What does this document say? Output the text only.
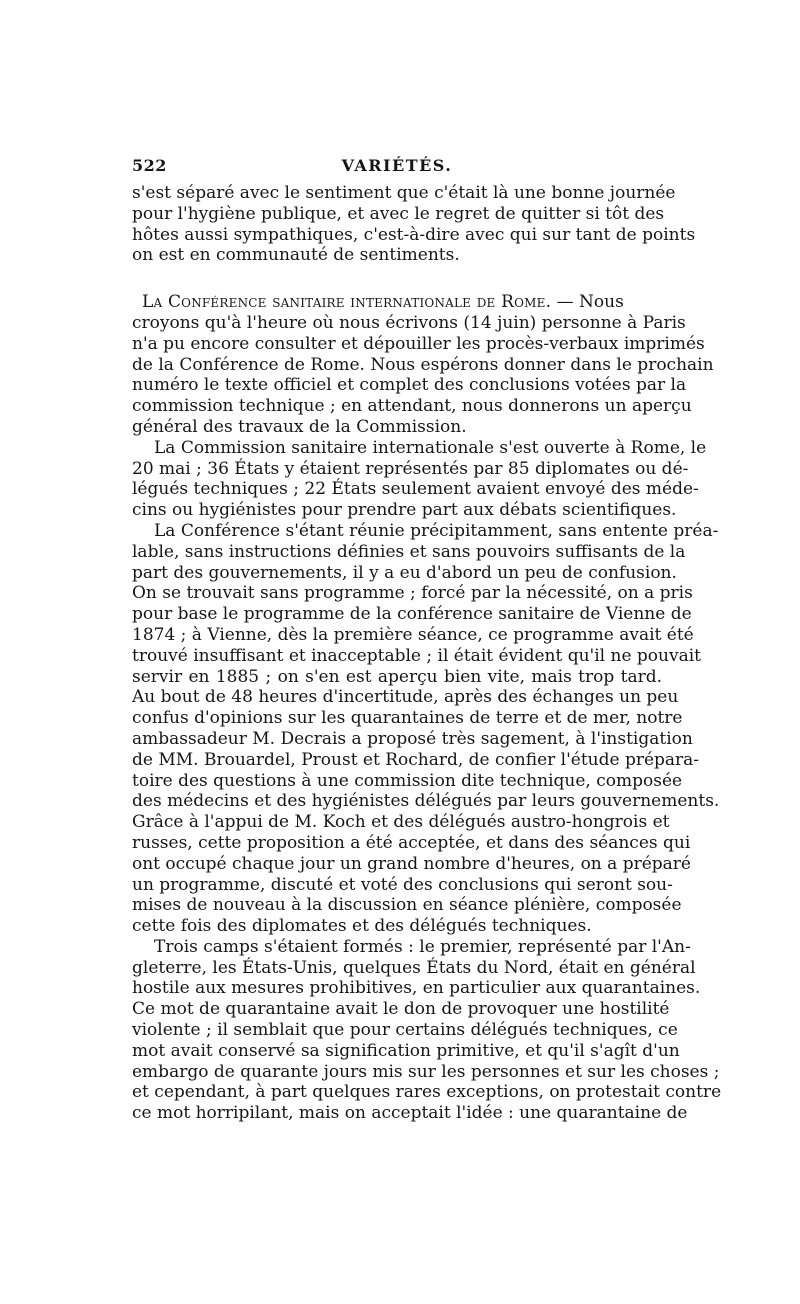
522	VARIÉTÉS.
s'est séparé avec le sentiment que c'était là une bonne journée
pour l'hygiène publique, et avec le regret de quitter si tôt des
hôtes aussi sympathiques, c'est-à-dire avec qui sur tant de points
on est en communauté de sentiments.
La Conférence sanitaire internationale de Rome. — Nous
croyons qu'à l'heure où nous écrivons (14 juin) personne à Paris
n'a pu encore consulter et dépouiller les procès-verbaux imprimés
de la Conférence de Rome. Nous espérons donner dans le prochain
numéro le texte officiel et complet des conclusions votées par la
commission technique ; en attendant, nous donnerons un aperçu
général des travaux de la Commission.
La Commission sanitaire internationale s'est ouverte à Rome, le
20 mai ; 36 États y étaient représentés par 85 diplomates ou dé-
légués techniques ; 22 États seulement avaient envoyé des méde-
cins ou hygiénistes pour prendre part aux débats scientifiques.
La Conférence s'étant réunie précipitamment, sans entente préa-
lable, sans instructions définies et sans pouvoirs suffisants de la
part des gouvernements, il y a eu d'abord un peu de confusion.
On se trouvait sans programme ; forcé par la nécessité, on a pris
pour base le programme de la conférence sanitaire de Vienne de
1874 ; à Vienne, dès la première séance, ce programme avait été
trouvé insuffisant et inacceptable ; il était évident qu'il ne pouvait
servir en 1885 ; on s'en est aperçu bien vite, mais trop tard.
Au bout de 48 heures d'incertitude, après des échanges un peu
confus d'opinions sur les quarantaines de terre et de mer, notre
ambassadeur M. Decrais a proposé très sagement, à l'instigation
de MM. Brouardel, Proust et Rochard, de confier l'étude prépara-
toire des questions à une commission dite technique, composée
des médecins et des hygiénistes délégués par leurs gouvernements.
Grâce à l'appui de M. Koch et des délégués austro-hongrois et
russes, cette proposition a été acceptée, et dans des séances qui
ont occupé chaque jour un grand nombre d'heures, on a préparé
un programme, discuté et voté des conclusions qui seront sou-
mises de nouveau à la discussion en séance plénière, composée
cette fois des diplomates et des délégués techniques.
Trois camps s'étaient formés : le premier, représenté par l'An-
gleterre, les États-Unis, quelques États du Nord, était en général
hostile aux mesures prohibitives, en particulier aux quarantaines.
Ce mot de quarantaine avait le don de provoquer une hostilité
violente ; il semblait que pour certains délégués techniques, ce
mot avait conservé sa signification primitive, et qu'il s'agît d'un
embargo de quarante jours mis sur les personnes et sur les choses ;
et cependant, à part quelques rares exceptions, on protestait contre
ce mot horripilant, mais on acceptait l'idée : une quarantaine de
